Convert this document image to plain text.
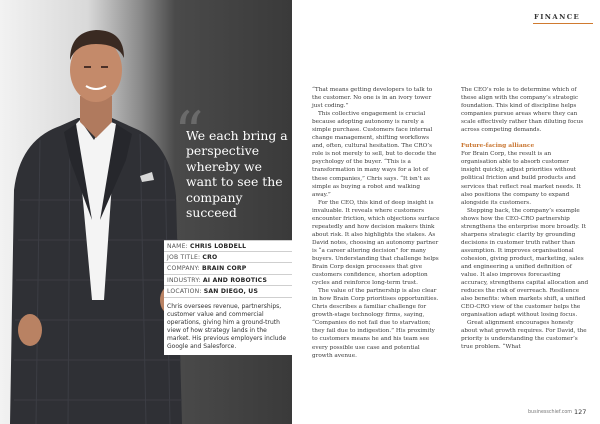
“
We each bring a perspective whereby we want to see the company succeed
NAME: CHRIS LOBDELL
JOB TITLE: CRO
COMPANY: BRAIN CORP
INDUSTRY: AI AND ROBOTICS
LOCATION: SAN DIEGO, US
Chris oversees revenue, partnerships, customer value and commercial operations, giving him a ground-truth view of how strategy lands in the market. His previous employers include Google and Salesforce.
FINANCE

“That means getting developers to talk to the customer. No one is in an ivory tower just coding.”

This collective engagement is crucial because adopting autonomy is rarely a simple purchase. Customers face internal change management, shifting workflows and, often, cultural hesitation. The CRO’s role is not merely to sell, but to decode the psychology of the buyer. “This is a transformation in many ways for a lot of these companies,” Chris says. “It isn’t as simple as buying a robot and walking away.”

For the CEO, this kind of deep insight is invaluable. It reveals where customers encounter friction, which objections surface repeatedly and how decision makers think about risk. It also highlights the stakes. As David notes, choosing an autonomy partner is “a career altering decision” for many buyers. Understanding that challenge helps Brain Corp design processes that give customers confidence, shorten adoption cycles and reinforce long-term trust.

The value of the partnership is also clear in how Brain Corp prioritises opportunities. Chris describes a familiar challenge for growth-stage technology firms, saying, “Companies do not fail due to starvation; they fail due to indigestion.” His proximity to customers means he and his team see every possible use case and potential growth avenue.

The CEO’s role is to determine which of these align with the company’s strategic foundation. This kind of discipline helps companies pursue areas where they can scale effectively rather than diluting focus across competing demands.

Future-facing alliance

For Brain Corp, the result is an organisation able to absorb customer insight quickly, adjust priorities without political friction and build products and services that reflect real market needs. It also positions the company to expand alongside its customers.

Stepping back, the company’s example shows how the CEO-CRO partnership strengthens the enterprise more broadly. It sharpens strategic clarity by grounding decisions in customer truth rather than assumption. It improves organisational cohesion, giving product, marketing, sales and engineering a unified definition of value. It also improves forecasting accuracy, strengthens capital allocation and reduces the risk of overreach. Resilience also benefits: when markets shift, a unified CEO-CRO view of the customer helps the organisation adapt without losing focus.

Great alignment encourages honesty about what growth requires. For David, the priority is understanding the customer’s true problem. “What

businesschief.com 127
